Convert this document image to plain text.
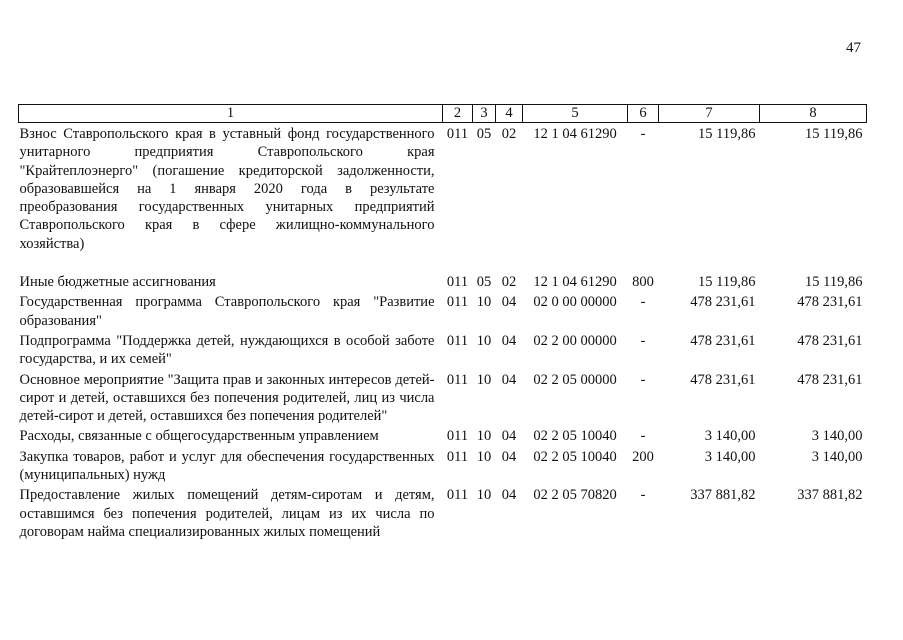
47
1	2	3	4	5	6	7	8
Взнос Ставропольского края в уставный фонд государственного унитарного предприятия Ставропольского края "Крайтеплоэнерго" (погашение кредиторской задолженности, образовавшейся на 1 января 2020 года в результате преобразования государственных унитарных предприятий Ставропольского края в сфере жилищно-коммунального хозяйства)	011	05	02	12 1 04 61290	-	15 119,86	15 119,86
Иные бюджетные ассигнования	011	05	02	12 1 04 61290	800	15 119,86	15 119,86
Государственная программа Ставропольского края "Развитие образования"	011	10	04	02 0 00 00000	-	478 231,61	478 231,61
Подпрограмма "Поддержка детей, нуждающихся в особой заботе государства, и их семей"	011	10	04	02 2 00 00000	-	478 231,61	478 231,61
Основное мероприятие "Защита прав и законных интересов детей-сирот и детей, оставшихся без попечения родителей, лиц из числа детей-сирот и детей, оставшихся без попечения родителей"	011	10	04	02 2 05 00000	-	478 231,61	478 231,61
Расходы, связанные с общегосударственным управлением	011	10	04	02 2 05 10040	-	3 140,00	3 140,00
Закупка товаров, работ и услуг для обеспечения государственных (муниципальных) нужд	011	10	04	02 2 05 10040	200	3 140,00	3 140,00
Предоставление жилых помещений детям-сиротам и детям, оставшимся без попечения родителей, лицам из их числа по договорам найма специализированных жилых помещений	011	10	04	02 2 05 70820	-	337 881,82	337 881,82
